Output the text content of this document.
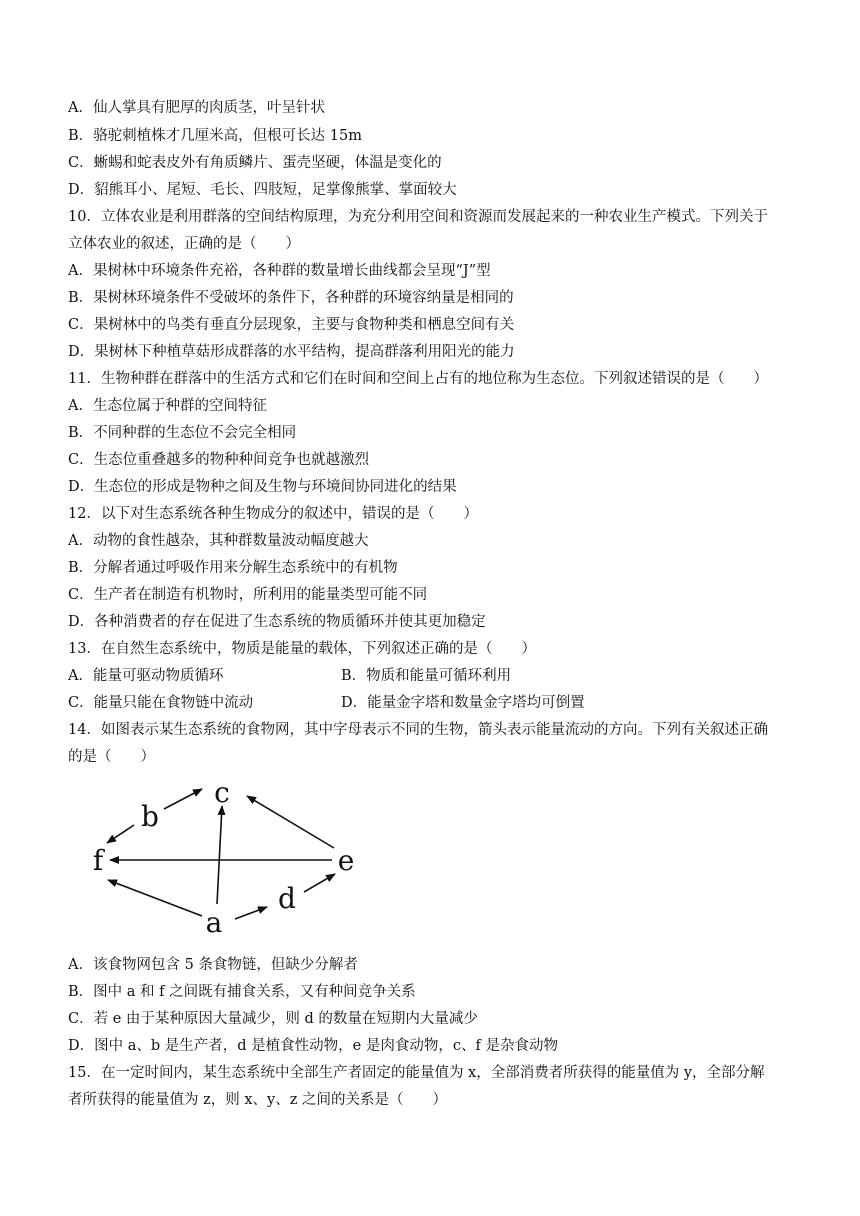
A．仙人掌具有肥厚的肉质茎，叶呈针状
B．骆驼刺植株才几厘米高，但根可长达 15m
C．蜥蜴和蛇表皮外有角质鳞片、蛋壳坚硬，体温是变化的
D．貂熊耳小、尾短、毛长、四肢短，足掌像熊掌、掌面较大
10．立体农业是利用群落的空间结构原理，为充分利用空间和资源而发展起来的一种农业生产模式。下列关于
立体农业的叙述，正确的是（　　）
A．果树林中环境条件充裕，各种群的数量增长曲线都会呈现“J”型
B．果树林环境条件不受破坏的条件下，各种群的环境容纳量是相同的
C．果树林中的鸟类有垂直分层现象，主要与食物种类和栖息空间有关
D．果树林下种植草菇形成群落的水平结构，提高群落利用阳光的能力
11．生物种群在群落中的生活方式和它们在时间和空间上占有的地位称为生态位。下列叙述错误的是（　　）
A．生态位属于种群的空间特征
B．不同种群的生态位不会完全相同
C．生态位重叠越多的物种种间竞争也就越激烈
D．生态位的形成是物种之间及生物与环境间协同进化的结果
12．以下对生态系统各种生物成分的叙述中，错误的是（　　）
A．动物的食性越杂，其种群数量波动幅度越大
B．分解者通过呼吸作用来分解生态系统中的有机物
C．生产者在制造有机物时，所利用的能量类型可能不同
D．各种消费者的存在促进了生态系统的物质循环并使其更加稳定
13．在自然生态系统中，物质是能量的载体，下列叙述正确的是（　　）
A．能量可驱动物质循环	B．物质和能量可循环利用
C．能量只能在食物链中流动	D．能量金字塔和数量金字塔均可倒置
14．如图表示某生态系统的食物网，其中字母表示不同的生物，箭头表示能量流动的方向。下列有关叙述正确
的是（　　）
c
b
f	e
d
a
A．该食物网包含 5 条食物链，但缺少分解者
B．图中 a 和 f 之间既有捕食关系，又有种间竞争关系
C．若 e 由于某种原因大量减少，则 d 的数量在短期内大量减少
D．图中 a、b 是生产者，d 是植食性动物，e 是肉食动物，c、f 是杂食动物
15．在一定时间内，某生态系统中全部生产者固定的能量值为 x，全部消费者所获得的能量值为 y，全部分解
者所获得的能量值为 z，则 x、y、z 之间的关系是（　　）
